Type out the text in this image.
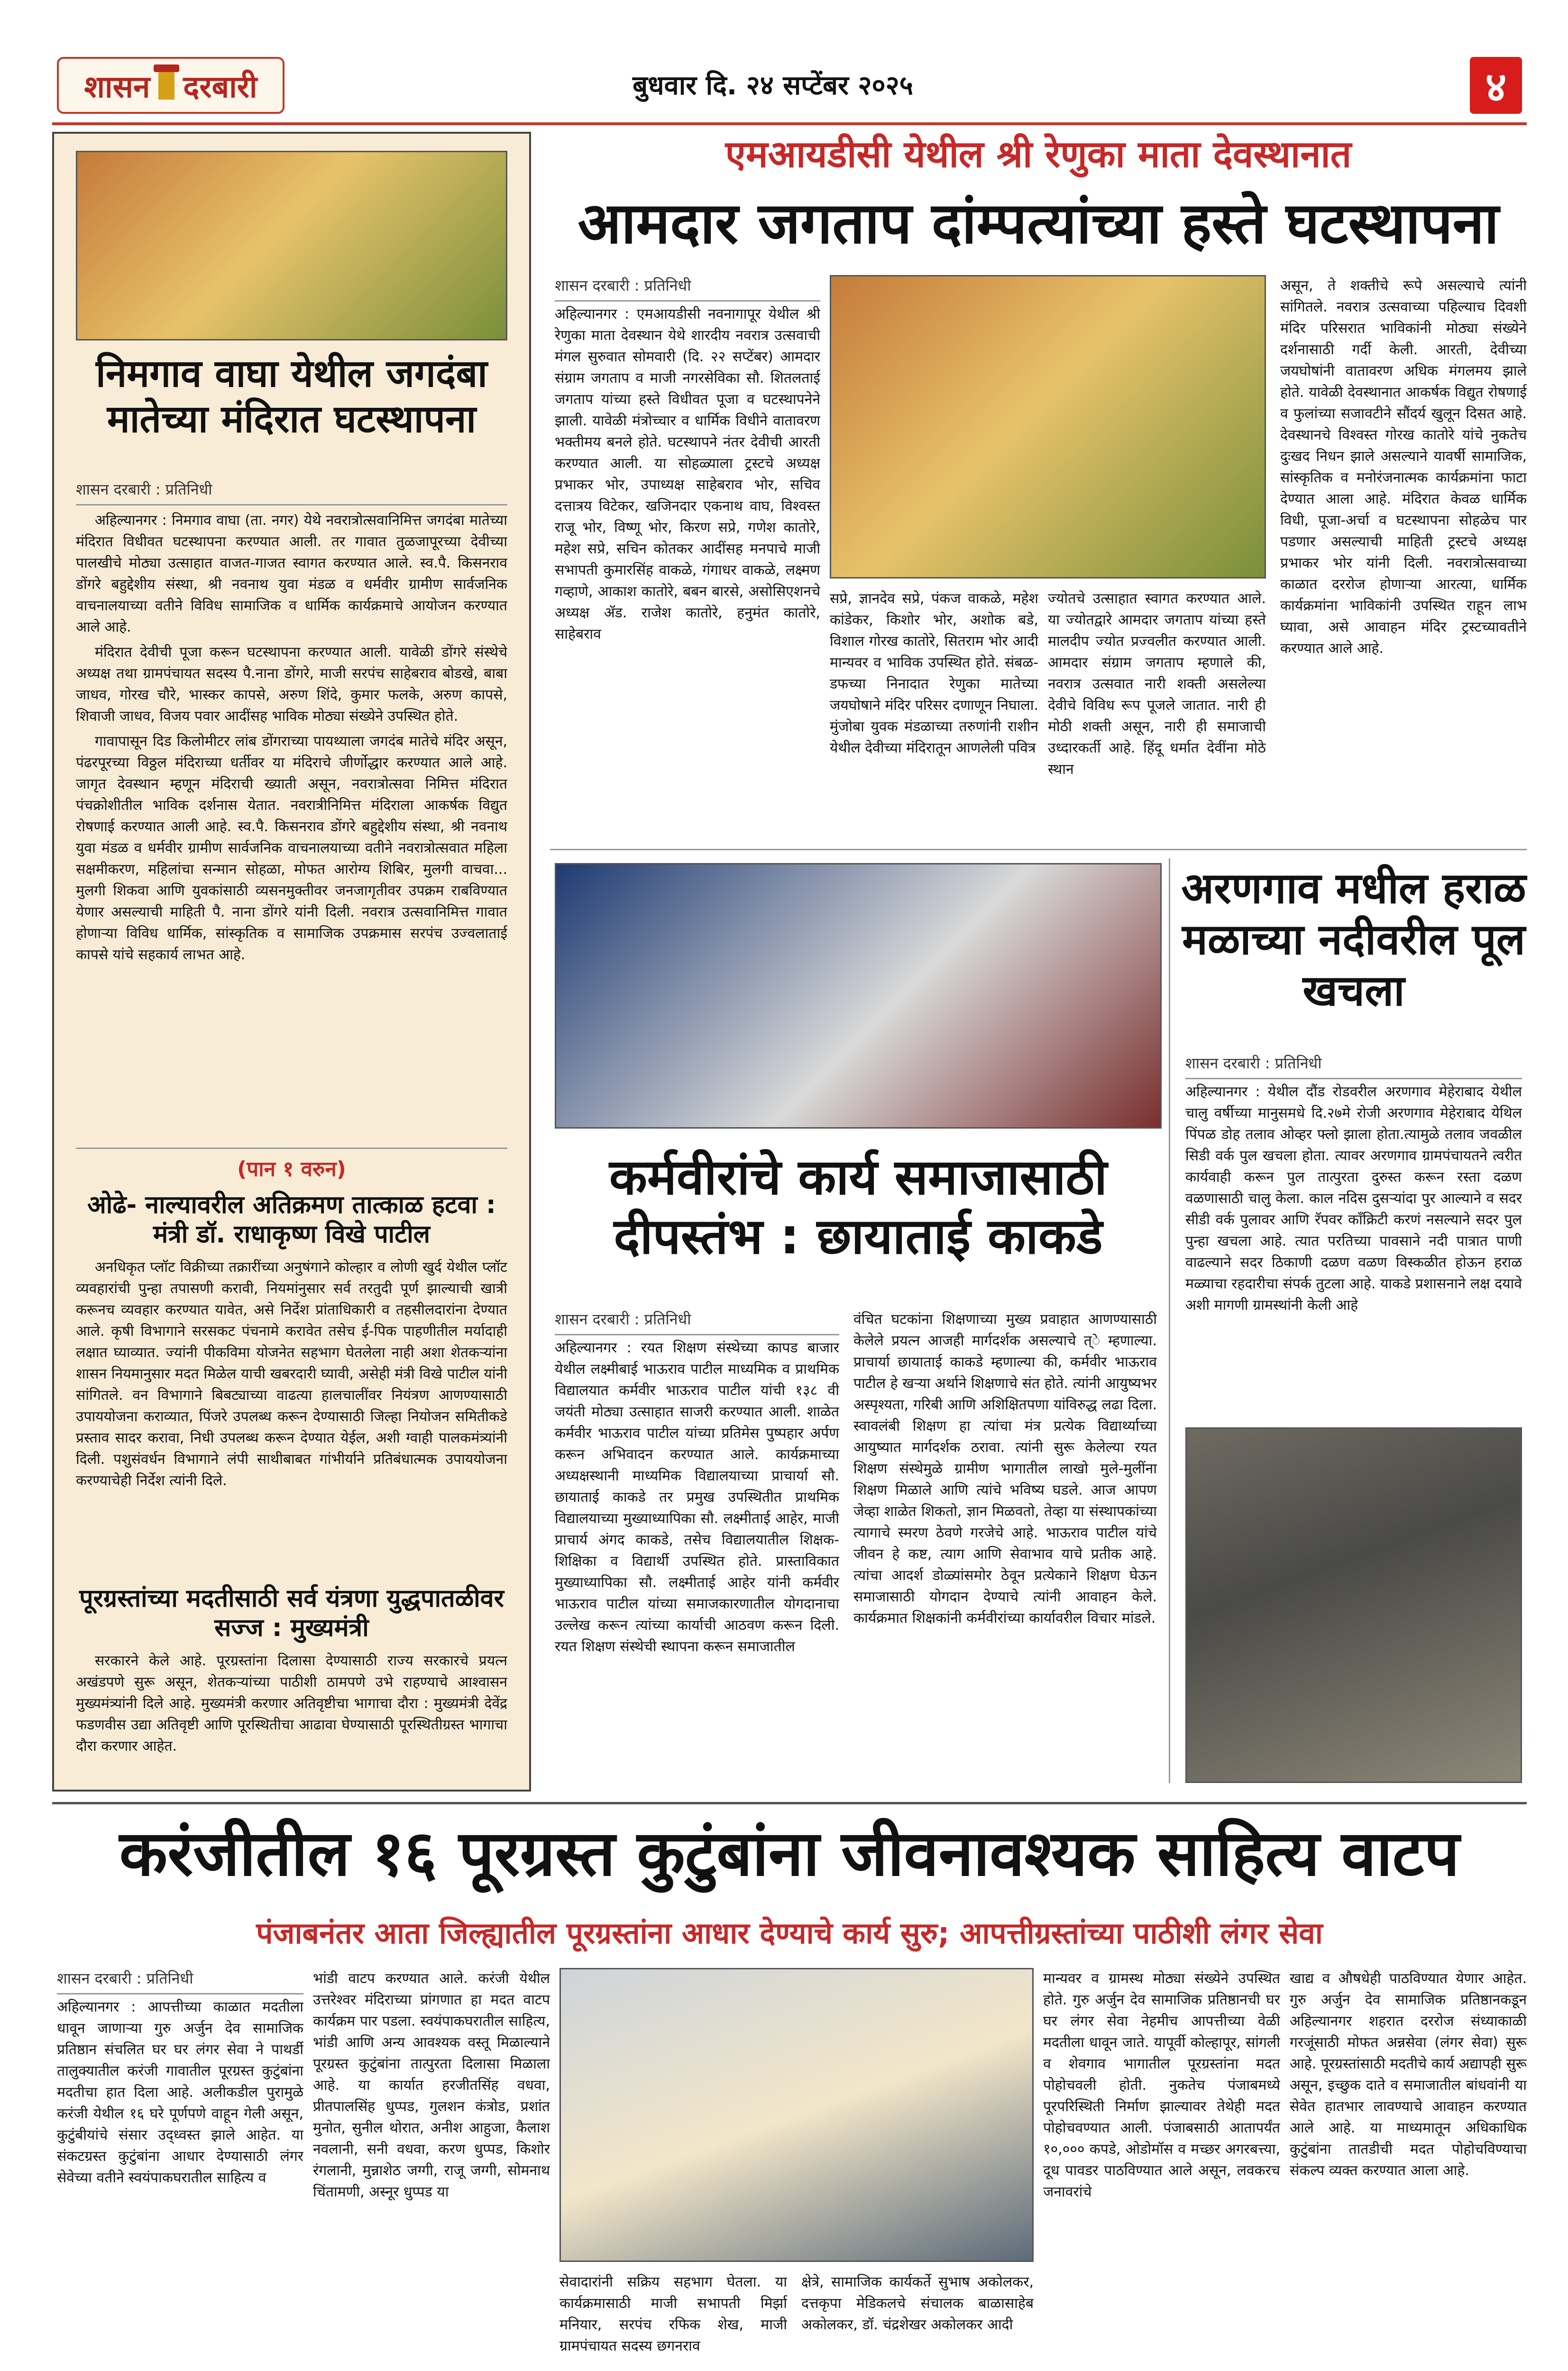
शासन दरबारी	बुधवार दि. २४ सप्टेंबर २०२५	४
निमगाव वाघा येथील जगदंबा मातेच्या मंदिरात घटस्थापना
शासन दरबारी : प्रतिनिधी

अहिल्यानगर : निमगाव वाघा (ता. नगर) येथे नवरात्रोत्सवानिमित्त जगदंबा मातेच्या मंदिरात विधीवत घटस्थापना करण्यात आली. तर गावात तुळजापूरच्या देवीच्या पालखीचे मोठ्या उत्साहात वाजत-गाजत स्वागत करण्यात आले. स्व.पै. किसनराव डोंगरे बहुद्देशीय संस्था, श्री नवनाथ युवा मंडळ व धर्मवीर ग्रामीण सार्वजनिक वाचनालयाच्या वतीने विविध सामाजिक व धार्मिक कार्यक्रमाचे आयोजन करण्यात आले आहे.

मंदिरात देवीची पूजा करून घटस्थापना करण्यात आली. यावेळी डोंगरे संस्थेचे अध्यक्ष तथा ग्रामपंचायत सदस्य पै.नाना डोंगरे, माजी सरपंच साहेबराव बोडखे, बाबा जाधव, गोरख चौरे, भास्कर कापसे, अरुण शिंदे, कुमार फलके, अरुण कापसे, शिवाजी जाधव, विजय पवार आदींसह भाविक मोठ्या संख्येने उपस्थित होते.

गावापासून दिड किलोमीटर लांब डोंगराच्या पायथ्याला जगदंब मातेचे मंदिर असून, पंढरपूरच्या विठ्ठल मंदिराच्या धर्तीवर या मंदिराचे जीर्णोद्धार करण्यात आले आहे. जागृत देवस्थान म्हणून मंदिराची ख्याती असून, नवरात्रोत्सवा निमित्त मंदिरात पंचक्रोशीतील भाविक दर्शनास येतात. नवरात्रीनिमित्त मंदिराला आकर्षक विद्युत रोषणाई करण्यात आली आहे. स्व.पै. किसनराव डोंगरे बहुद्देशीय संस्था, श्री नवनाथ युवा मंडळ व धर्मवीर ग्रामीण सार्वजनिक वाचनालयाच्या वतीने नवरात्रोत्सवात महिला सक्षमीकरण, महिलांचा सन्मान सोहळा, मोफत आरोग्य शिबिर, मुलगी वाचवा... मुलगी शिकवा आणि युवकांसाठी व्यसनमुक्तीवर जनजागृतीवर उपक्रम राबविण्यात येणार असल्याची माहिती पै. नाना डोंगरे यांनी दिली. नवरात्र उत्सवानिमित्त गावात होणाऱ्या विविध धार्मिक, सांस्कृतिक व सामाजिक उपक्रमास सरपंच उज्वलाताई कापसे यांचे सहकार्य लाभत आहे.

(पान १ वरुन)
ओढे- नाल्यावरील अतिक्रमण तात्काळ हटवा : मंत्री डॉ. राधाकृष्ण विखे पाटील

अनधिकृत प्लॉट विक्रीच्या तक्रारींच्या अनुषंगाने कोल्हार व लोणी खुर्द येथील प्लॉट व्यवहारांची पुन्हा तपासणी करावी, नियमांनुसार सर्व तरतुदी पूर्ण झाल्याची खात्री करूनच व्यवहार करण्यात यावेत, असे निर्देश प्रांताधिकारी व तहसीलदारांना देण्यात आले. कृषी विभागाने सरसकट पंचनामे करावेत तसेच ई-पिक पाहणीतील मर्यादाही लक्षात घ्याव्यात. ज्यांनी पीकविमा योजनेत सहभाग घेतलेला नाही अशा शेतकऱ्यांना शासन नियमानुसार मदत मिळेल याची खबरदारी घ्यावी, असेही मंत्री विखे पाटील यांनी सांगितले. वन विभागाने बिबट्याच्या वाढत्या हालचालींवर नियंत्रण आणण्यासाठी उपाययोजना कराव्यात, पिंजरे उपलब्ध करून देण्यासाठी जिल्हा नियोजन समितीकडे प्रस्ताव सादर करावा, निधी उपलब्ध करून देण्यात येईल, अशी ग्वाही पालकमंत्र्यांनी दिली. पशुसंवर्धन विभागाने लंपी साथीबाबत गांभीर्याने प्रतिबंधात्मक उपाययोजना करण्याचेही निर्देश त्यांनी दिले.

पूरग्रस्तांच्या मदतीसाठी सर्व यंत्रणा युद्धपातळीवर सज्ज : मुख्यमंत्री

सरकारने केले आहे. पूरग्रस्तांना दिलासा देण्यासाठी राज्य सरकारचे प्रयत्न अखंडपणे सुरू असून, शेतकऱ्यांच्या पाठीशी ठामपणे उभे राहण्याचे आश्वासन मुख्यमंत्र्यांनी दिले आहे. मुख्यमंत्री करणार अतिवृष्टीचा भागाचा दौरा : मुख्यमंत्री देवेंद्र फडणवीस उद्या अतिवृष्टी आणि पूरस्थितीचा आढावा घेण्यासाठी पूरस्थितीग्रस्त भागाचा दौरा करणार आहेत.

एमआयडीसी येथील श्री रेणुका माता देवस्थानात
आमदार जगताप दांम्पत्यांच्या हस्ते घटस्थापना
शासन दरबारी : प्रतिनिधी
अहिल्यानगर : एमआयडीसी नवनागापूर येथील श्री रेणुका माता देवस्थान येथे शारदीय नवरात्र उत्सवाची मंगल सुरुवात सोमवारी (दि. २२ सप्टेंबर) आमदार संग्राम जगताप व माजी नगरसेविका सौ. शितलताई जगताप यांच्या हस्ते विधीवत पूजा व घटस्थापनेने झाली. यावेळी मंत्रोच्चार व धार्मिक विधीने वातावरण भक्तीमय बनले होते. घटस्थापने नंतर देवीची आरती करण्यात आली. या सोहळ्याला ट्रस्टचे अध्यक्ष प्रभाकर भोर, उपाध्यक्ष साहेबराव भोर, सचिव दत्तात्रय विटेकर, खजिनदार एकनाथ वाघ, विश्वस्त राजू भोर, विष्णू भोर, किरण सप्रे, गणेश कातोरे, महेश सप्रे, सचिन कोतकर आदींसह मनपाचे माजी सभापती कुमारसिंह वाकळे, गंगाधर वाकळे, लक्ष्मण गव्हाणे, आकाश कातोरे, बबन बारसे, असोसिएशनचे अध्यक्ष ॲड. राजेश कातोरे, हनुमंत कातोरे, साहेबराव
सप्रे, ज्ञानदेव सप्रे, पंकज वाकळे, महेश कांडेकर, किशोर भोर, अशोक बडे, विशाल गोरख कातोरे, सितराम भोर आदी मान्यवर व भाविक उपस्थित होते. संबळ-डफच्या निनादात रेणुका मातेच्या जयघोषाने मंदिर परिसर दणाणून निघाला. मुंजोबा युवक मंडळाच्या तरुणांनी राशीन येथील देवीच्या मंदिरातून आणलेली पवित्र
ज्योतचे उत्साहात स्वागत करण्यात आले. या ज्योतद्वारे आमदार जगताप यांच्या हस्ते मालदीप ज्योत प्रज्वलीत करण्यात आली. आमदार संग्राम जगताप म्हणाले की, नवरात्र उत्सवात नारी शक्ती असलेल्या देवीचे विविध रूप पूजले जातात. नारी ही मोठी शक्ती असून, नारी ही समाजाची उध्दारकर्ती आहे. हिंदू धर्मात देवींना मोठे स्थान
असून, ते शक्तीचे रूपे असल्याचे त्यांनी सांगितले. नवरात्र उत्सवाच्या पहिल्याच दिवशी मंदिर परिसरात भाविकांनी मोठ्या संख्येने दर्शनासाठी गर्दी केली. आरती, देवीच्या जयघोषांनी वातावरण अधिक मंगलमय झाले होते. यावेळी देवस्थानात आकर्षक विद्युत रोषणाई व फुलांच्या सजावटीने सौंदर्य खुलून दिसत आहे. देवस्थानचे विश्वस्त गोरख कातोरे यांचे नुकतेच दुःखद निधन झाले असल्याने यावर्षी सामाजिक, सांस्कृतिक व मनोरंजनात्मक कार्यक्रमांना फाटा देण्यात आला आहे. मंदिरात केवळ धार्मिक विधी, पूजा-अर्चा व घटस्थापना सोहळेच पार पडणार असल्याची माहिती ट्रस्टचे अध्यक्ष प्रभाकर भोर यांनी दिली. नवरात्रोत्सवाच्या काळात दररोज होणाऱ्या आरत्या, धार्मिक कार्यक्रमांना भाविकांनी उपस्थित राहून लाभ घ्यावा, असे आवाहन मंदिर ट्रस्टच्यावतीने करण्यात आले आहे.
कर्मवीरांचे कार्य समाजासाठी दीपस्तंभ : छायाताई काकडे
शासन दरबारी : प्रतिनिधी
अहिल्यानगर : रयत शिक्षण संस्थेच्या कापड बाजार येथील लक्ष्मीबाई भाऊराव पाटील माध्यमिक व प्राथमिक विद्यालयात कर्मवीर भाऊराव पाटील यांची १३८ वी जयंती मोठ्या उत्साहात साजरी करण्यात आली. शाळेत कर्मवीर भाऊराव पाटील यांच्या प्रतिमेस पुष्पहार अर्पण करून अभिवादन करण्यात आले. कार्यक्रमाच्या अध्यक्षस्थानी माध्यमिक विद्यालयाच्या प्राचार्या सौ. छायाताई काकडे तर प्रमुख उपस्थितीत प्राथमिक विद्यालयाच्या मुख्याध्यापिका सौ. लक्ष्मीताई आहेर, माजी प्राचार्य अंगद काकडे, तसेच विद्यालयातील शिक्षक-शिक्षिका व विद्यार्थी उपस्थित होते. प्रास्ताविकात मुख्याध्यापिका सौ. लक्ष्मीताई आहेर यांनी कर्मवीर भाऊराव पाटील यांच्या समाजकारणातील योगदानाचा उल्लेख करून त्यांच्या कार्याची आठवण करून दिली. रयत शिक्षण संस्थेची स्थापना करून समाजातील
वंचित घटकांना शिक्षणाच्या मुख्य प्रवाहात आणण्यासाठी केलेले प्रयत्न आजही मार्गदर्शक असल्याचे त्े म्हणाल्या. प्राचार्या छायाताई काकडे म्हणाल्या की, कर्मवीर भाऊराव पाटील हे खऱ्या अर्थाने शिक्षणाचे संत होते. त्यांनी आयुष्यभर अस्पृश्यता, गरिबी आणि अशिक्षितपणा यांविरुद्ध लढा दिला. स्वावलंबी शिक्षण हा त्यांचा मंत्र प्रत्येक विद्यार्थ्याच्या आयुष्यात मार्गदर्शक ठरावा. त्यांनी सुरू केलेल्या रयत शिक्षण संस्थेमुळे ग्रामीण भागातील लाखो मुले-मुलींना शिक्षण मिळाले आणि त्यांचे भविष्य घडले. आज आपण जेव्हा शाळेत शिकतो, ज्ञान मिळवतो, तेव्हा या संस्थापकांच्या त्यागाचे स्मरण ठेवणे गरजेचे आहे. भाऊराव पाटील यांचे जीवन हे कष्ट, त्याग आणि सेवाभाव याचे प्रतीक आहे. त्यांचा आदर्श डोळ्यांसमोर ठेवून प्रत्येकाने शिक्षण घेऊन समाजासाठी योगदान देण्याचे त्यांनी आवाहन केले. कार्यक्रमात शिक्षकांनी कर्मवीरांच्या कार्यावरील विचार मांडले.
अरणगाव मधील हराळ मळाच्या नदीवरील पूल खचला
शासन दरबारी : प्रतिनिधी
अहिल्यानगर : येथील दौंड रोडवरील अरणगाव मेहेराबाद येथील चालु वर्षीच्या मानुसमधे दि.२७मे रोजी अरणगाव मेहेराबाद येथिल पिंपळ डोह तलाव ओव्हर फ्लो झाला होता.त्यामुळे तलाव जवळील सिडी वर्क पुल खचला होता. त्यावर अरणगाव ग्रामपंचायतने त्वरीत कार्यवाही करून पुल तात्पुरता दुरुस्त करून रस्ता दळण वळणासाठी चालु केला. काल नदिस दुसऱ्यांदा पुर आल्याने व सदर सीडी वर्क पुलावर आणि रॅपवर कॉंक्रिटी करणं नसल्याने सदर पुल पुन्हा खचला आहे. त्यात परतिच्या पावसाने नदी पात्रात पाणी वाढल्याने सदर ठिकाणी दळण वळण विस्कळीत होऊन हराळ मळ्याचा रहदारीचा संपर्क तुटला आहे. याकडे प्रशासनाने लक्ष दयावे अशी मागणी ग्रामस्थांनी केली आहे
करंजीतील १६ पूरग्रस्त कुटुंबांना जीवनावश्यक साहित्य वाटप
पंजाबनंतर आता जिल्ह्यातील पूरग्रस्तांना आधार देण्याचे कार्य सुरु; आपत्तीग्रस्तांच्या पाठीशी लंगर सेवा
शासन दरबारी : प्रतिनिधी
अहिल्यानगर : आपत्तीच्या काळात मदतीला धावून जाणाऱ्या गुरु अर्जुन देव सामाजिक प्रतिष्ठान संचलित घर घर लंगर सेवा ने पाथर्डी तालुक्यातील करंजी गावातील पूरग्रस्त कुटुंबांना मदतीचा हात दिला आहे. अलीकडील पुरामुळे करंजी येथील १६ घरे पूर्णपणे वाहून गेली असून, कुटुंबीयांचे संसार उद्ध्वस्त झाले आहेत. या संकटग्रस्त कुटुंबांना आधार देण्यासाठी लंगर सेवेच्या वतीने स्वयंपाकघरातील साहित्य व
भांडी वाटप करण्यात आले. करंजी येथील उत्तरेश्वर मंदिराच्या प्रांगणात हा मदत वाटप कार्यक्रम पार पडला. स्वयंपाकघरातील साहित्य, भांडी आणि अन्य आवश्यक वस्तू मिळाल्याने पूरग्रस्त कुटुंबांना तात्पुरता दिलासा मिळाला आहे. या कार्यात हरजीतसिंह वधवा, प्रीतपालसिंह धुप्पड, गुलशन कंत्रोड, प्रशांत मुनोत, सुनील थोरात, अनीश आहुजा, कैलाश नवलानी, सनी वधवा, करण धुप्पड, किशोर रंगलानी, मुन्नाशेठ जग्गी, राजू जग्गी, सोमनाथ चिंतामणी, अस्नूर धुप्पड या
सेवादारांनी सक्रिय सहभाग घेतला. या कार्यक्रमासाठी माजी सभापती मिर्झा मनियार, सरपंच रफिक शेख, माजी ग्रामपंचायत सदस्य छगनराव
क्षेत्रे, सामाजिक कार्यकर्ते सुभाष अकोलकर, दत्तकृपा मेडिकलचे संचालक बाळासाहेब अकोलकर, डॉ. चंद्रशेखर अकोलकर आदी
मान्यवर व ग्रामस्थ मोठ्या संख्येने उपस्थित होते. गुरु अर्जुन देव सामाजिक प्रतिष्ठानची घर घर लंगर सेवा नेहमीच आपत्तीच्या वेळी मदतीला धावून जाते. यापूर्वी कोल्हापूर, सांगली व शेवगाव भागातील पूरग्रस्तांना मदत पोहोचवली होती. नुकतेच पंजाबमध्ये पूरपरिस्थिती निर्माण झाल्यावर तेथेही मदत पोहोचवण्यात आली. पंजाबसाठी आतापर्यंत १०,००० कपडे, ओडोमॉस व मच्छर अगरबत्त्या, दूध पावडर पाठविण्यात आले असून, लवकरच जनावरांचे
खाद्य व औषधेही पाठविण्यात येणार आहेत. गुरु अर्जुन देव सामाजिक प्रतिष्ठानकडून अहिल्यानगर शहरात दररोज संध्याकाळी गरजूंसाठी मोफत अन्नसेवा (लंगर सेवा) सुरू आहे. पूरग्रस्तांसाठी मदतीचे कार्य अद्यापही सुरू असून, इच्छुक दाते व समाजातील बांधवांनी या सेवेत हातभार लावण्याचे आवाहन करण्यात आले आहे. या माध्यमातून अधिकाधिक कुटुंबांना तातडीची मदत पोहोचविण्याचा संकल्प व्यक्त करण्यात आला आहे.
